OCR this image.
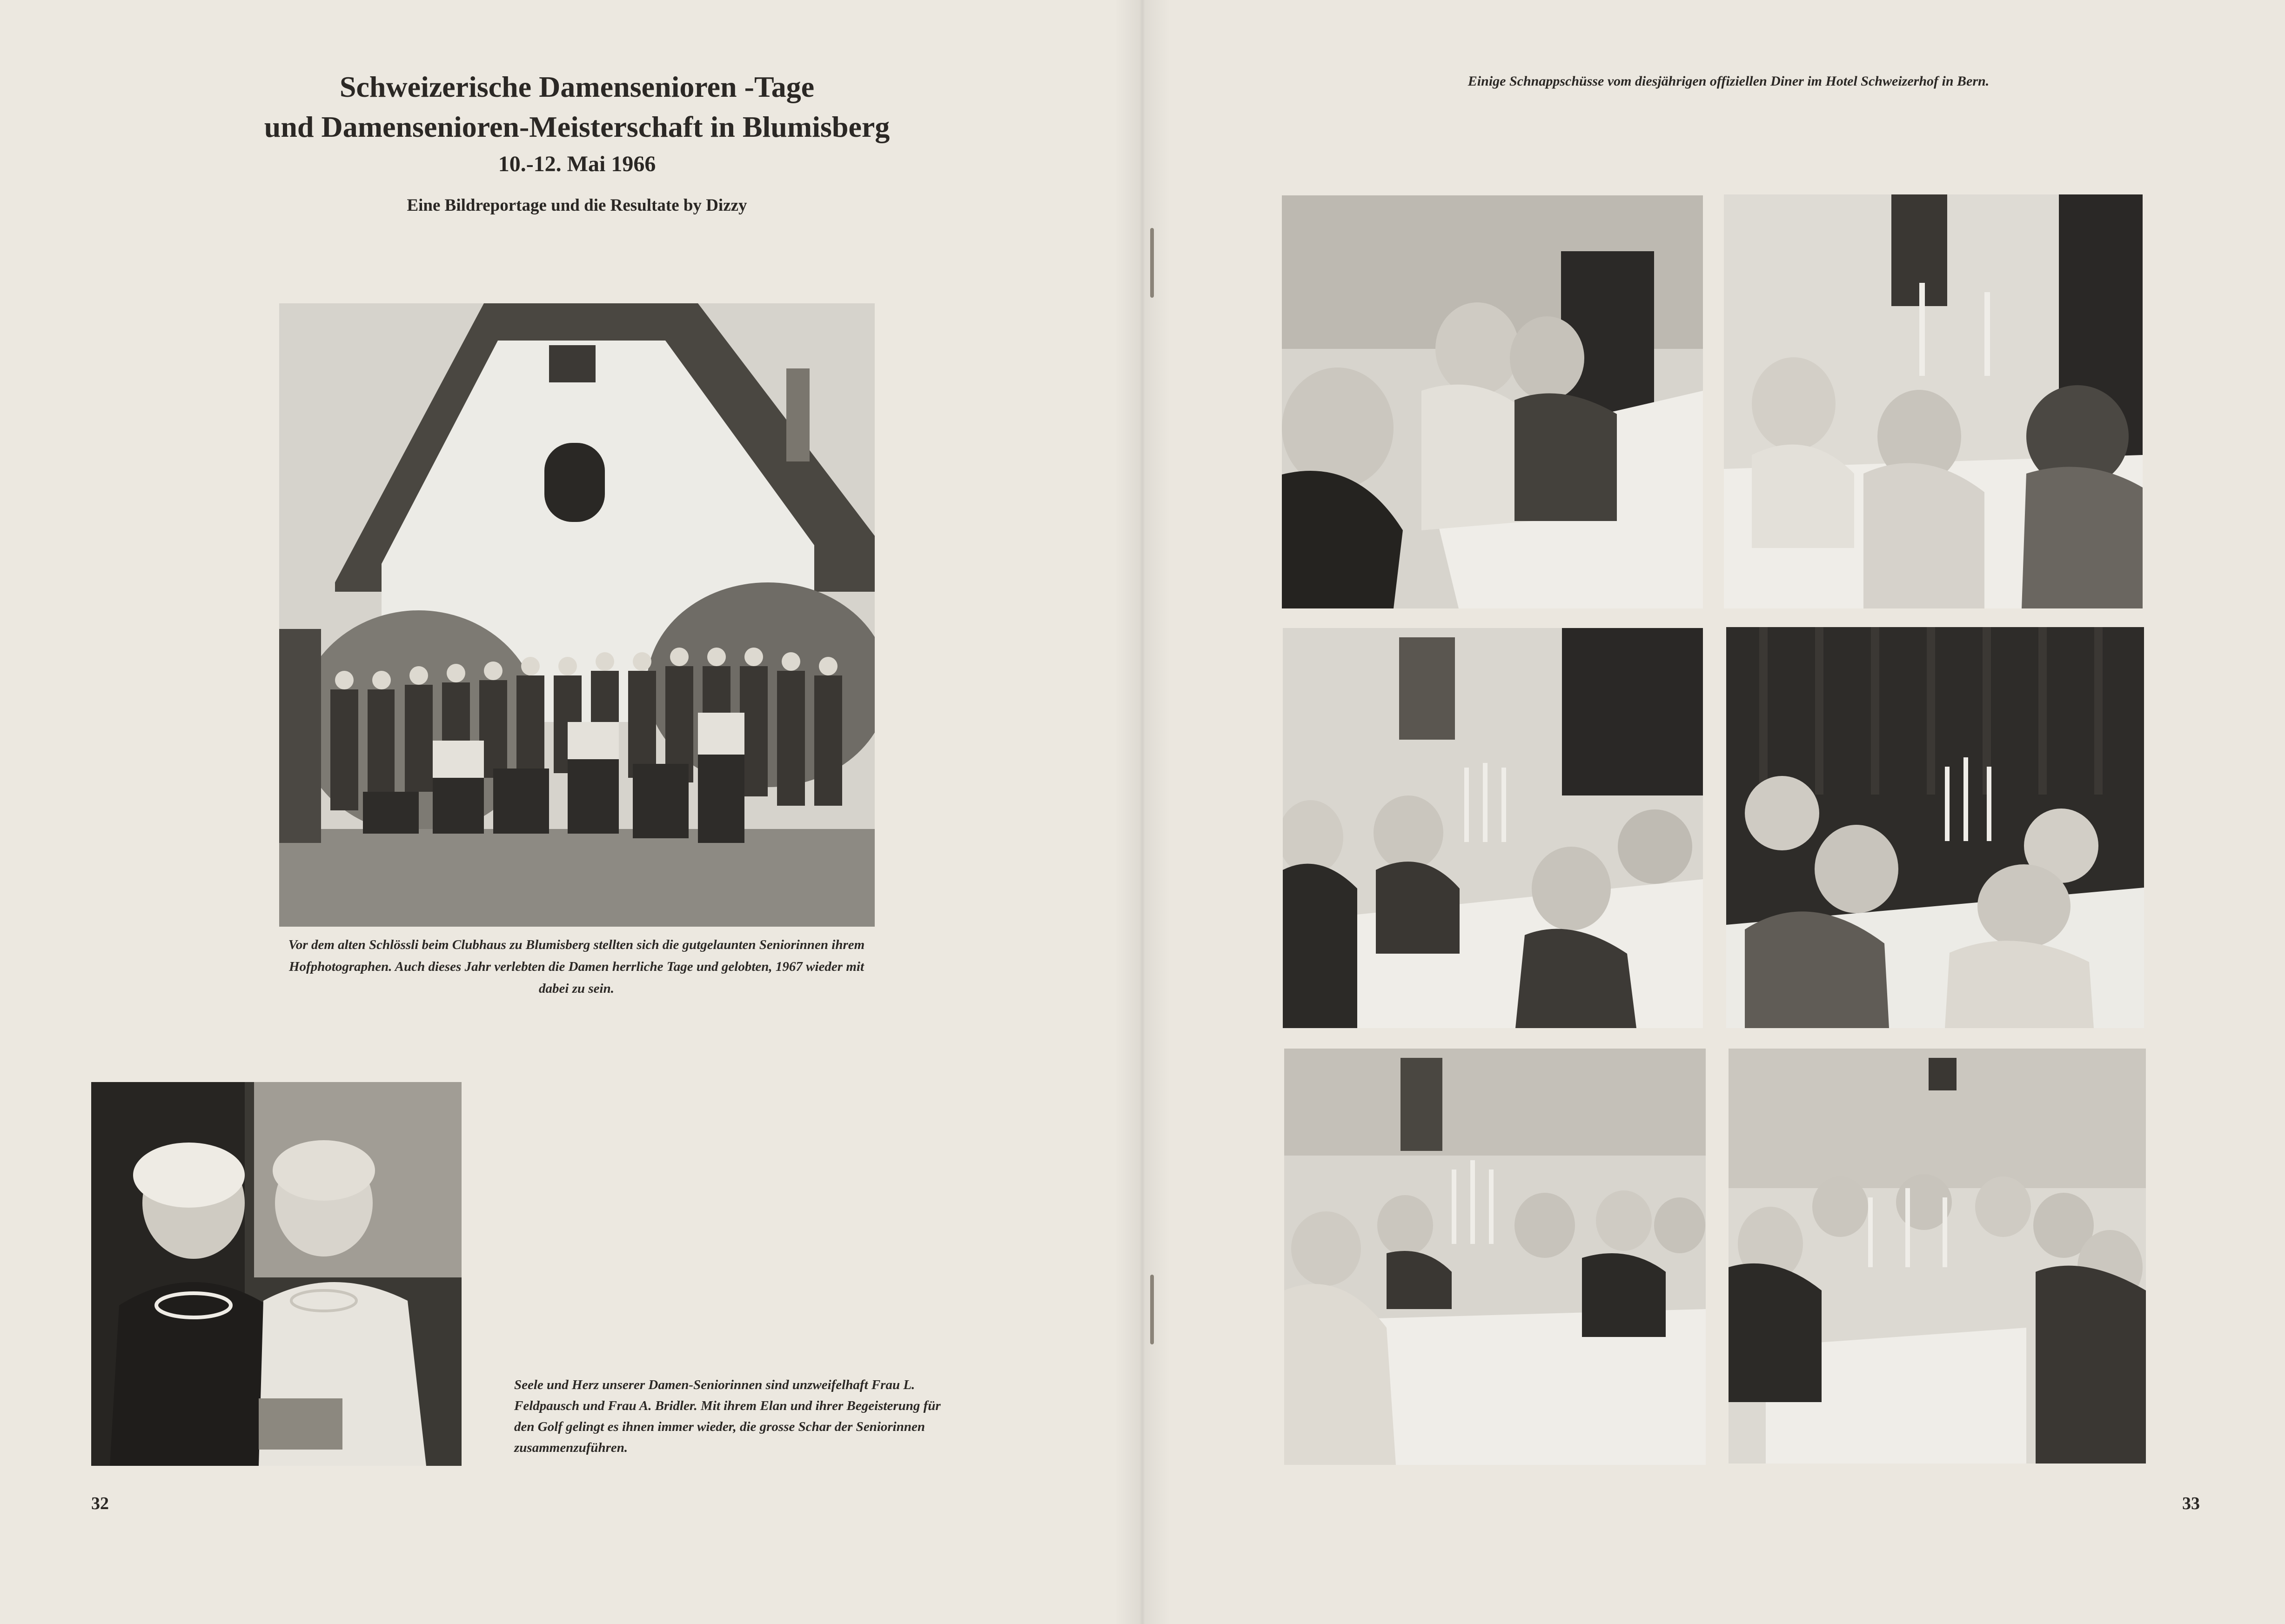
Schweizerische Damensenioren -Tage
und Damensenioren-Meisterschaft in Blumisberg
10.-12. Mai 1966
Eine Bildreportage und die Resultate by Dizzy
Vor dem alten Schlössli beim Clubhaus zu Blumisberg stellten sich die gutgelaunten Seniorinnen ihrem Hofphotographen. Auch dieses Jahr verlebten die Damen herrliche Tage und gelobten, 1967 wieder mit dabei zu sein.
Seele und Herz unserer Damen-Seniorinnen sind unzweifelhaft Frau L. Feldpausch und Frau A. Bridler. Mit ihrem Elan und ihrer Begeisterung für den Golf gelingt es ihnen immer wieder, die grosse Schar der Seniorinnen zusammenzuführen.
32
Einige Schnappschüsse vom diesjährigen offiziellen Diner im Hotel Schweizerhof in Bern.
33
